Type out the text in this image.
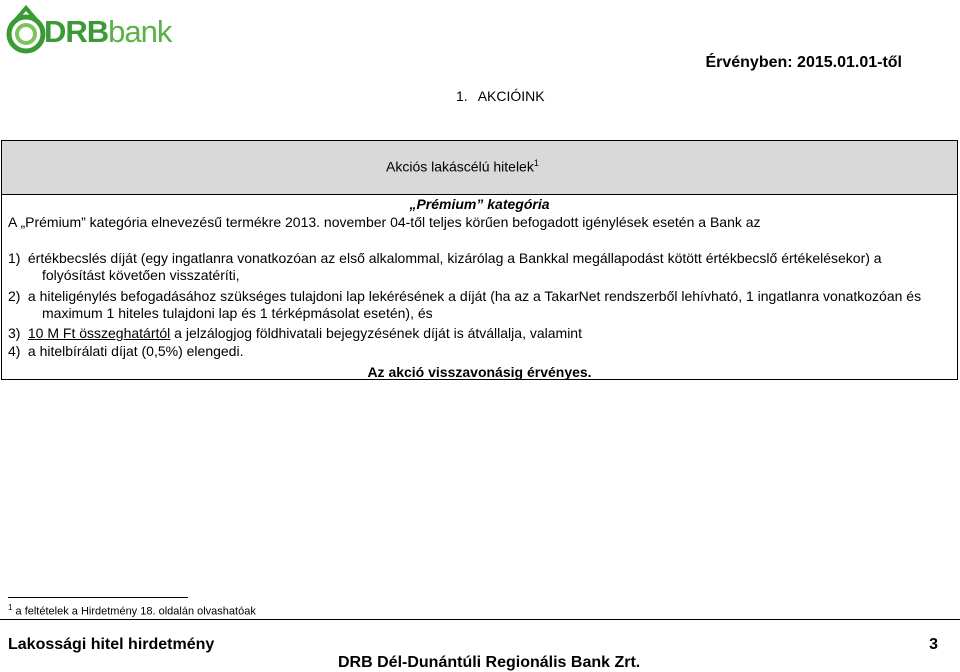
DRBbank
Érvényben: 2015.01.01-től
1. AKCIÓINK
Akciós lakáscélú hitelek$^1$
„Prémium” kategória
A „Prémium” kategória elnevezésű termékre 2013. november 04-től teljes körűen befogadott igénylések esetén a Bank az
1) értékbecslés díját (egy ingatlanra vonatkozóan az első alkalommal, kizárólag a Bankkal megállapodást kötött értékbecslő értékelésekor) a
folyósítást követően visszatéríti,
2) a hiteligénylés befogadásához szükséges tulajdoni lap lekérésének a díját (ha az a TakarNet rendszerből lehívható, 1 ingatlanra vonatkozóan és
maximum 1 hiteles tulajdoni lap és 1 térképmásolat esetén), és
3) 10 M Ft összeghatártól a jelzálogjog földhivatali bejegyzésének díját is átvállalja, valamint
4) a hitelbírálati díjat (0,5%) elengedi.
Az akció visszavonásig érvényes.
$^1$ a feltételek a Hirdetmény 18. oldalán olvashatóak
Lakossági hitel hirdetmény	3
DRB Dél-Dunántúli Regionális Bank Zrt.
